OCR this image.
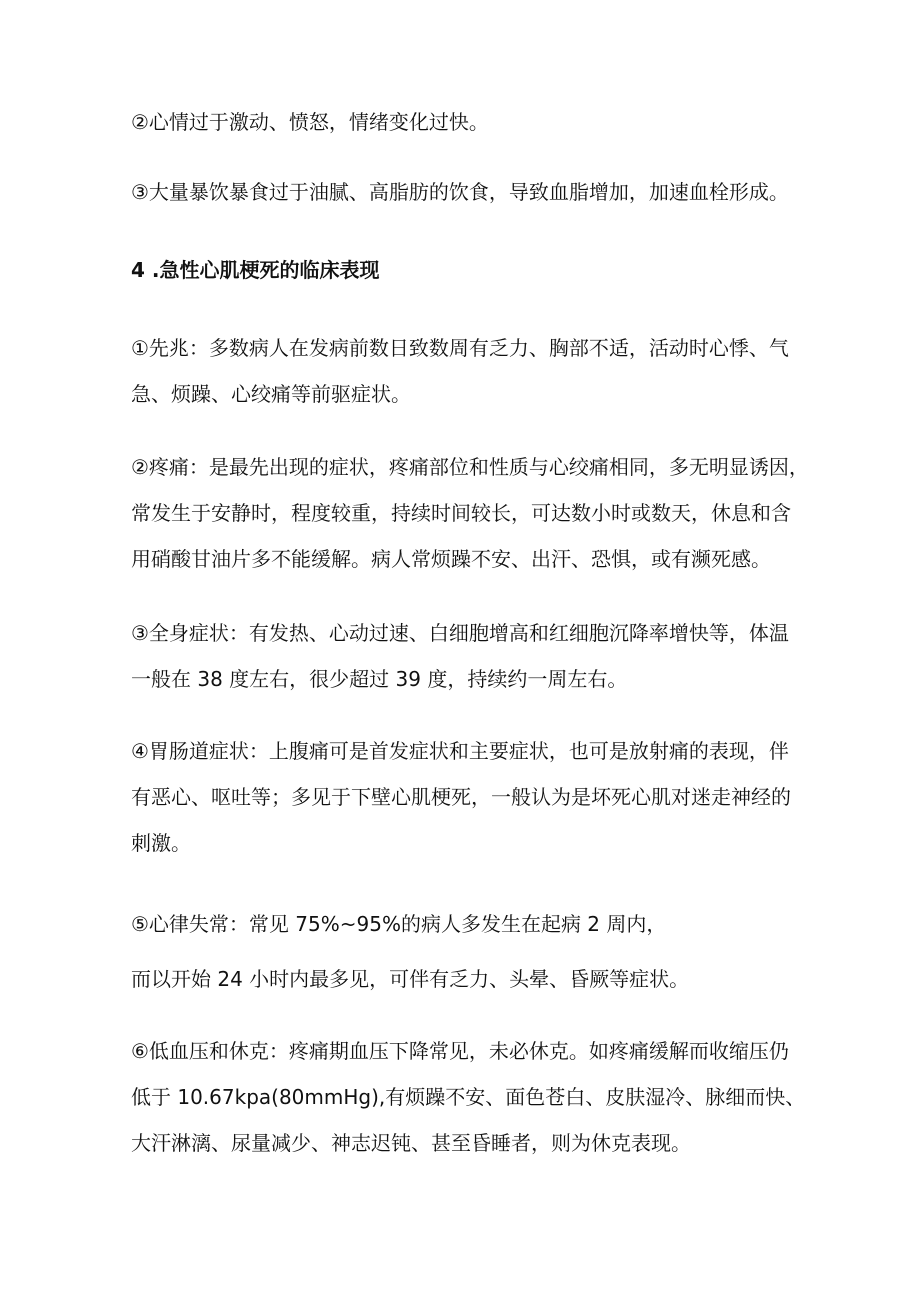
②心情过于激动、愤怒，情绪变化过快。
③大量暴饮暴食过于油腻、高脂肪的饮食，导致血脂增加，加速血栓形成。
4 .急性心肌梗死的临床表现
①先兆：多数病人在发病前数日致数周有乏力、胸部不适，活动时心悸、气
急、烦躁、心绞痛等前驱症状。
②疼痛：是最先出现的症状，疼痛部位和性质与心绞痛相同，多无明显诱因，
常发生于安静时，程度较重，持续时间较长，可达数小时或数天，休息和含
用硝酸甘油片多不能缓解。病人常烦躁不安、出汗、恐惧，或有濒死感。
③全身症状：有发热、心动过速、白细胞增高和红细胞沉降率增快等，体温
一般在 38 度左右，很少超过 39 度，持续约一周左右。
④胃肠道症状：上腹痛可是首发症状和主要症状，也可是放射痛的表现，伴
有恶心、呕吐等；多见于下壁心肌梗死，一般认为是坏死心肌对迷走神经的
刺激。
⑤心律失常：常见 75%~95%的病人多发生在起病 2 周内，
而以开始 24 小时内最多见，可伴有乏力、头晕、昏厥等症状。
⑥低血压和休克：疼痛期血压下降常见，未必休克。如疼痛缓解而收缩压仍
低于 10.67kpa(80mmHg),有烦躁不安、面色苍白、皮肤湿冷、脉细而快、
大汗淋漓、尿量减少、神志迟钝、甚至昏睡者，则为休克表现。
